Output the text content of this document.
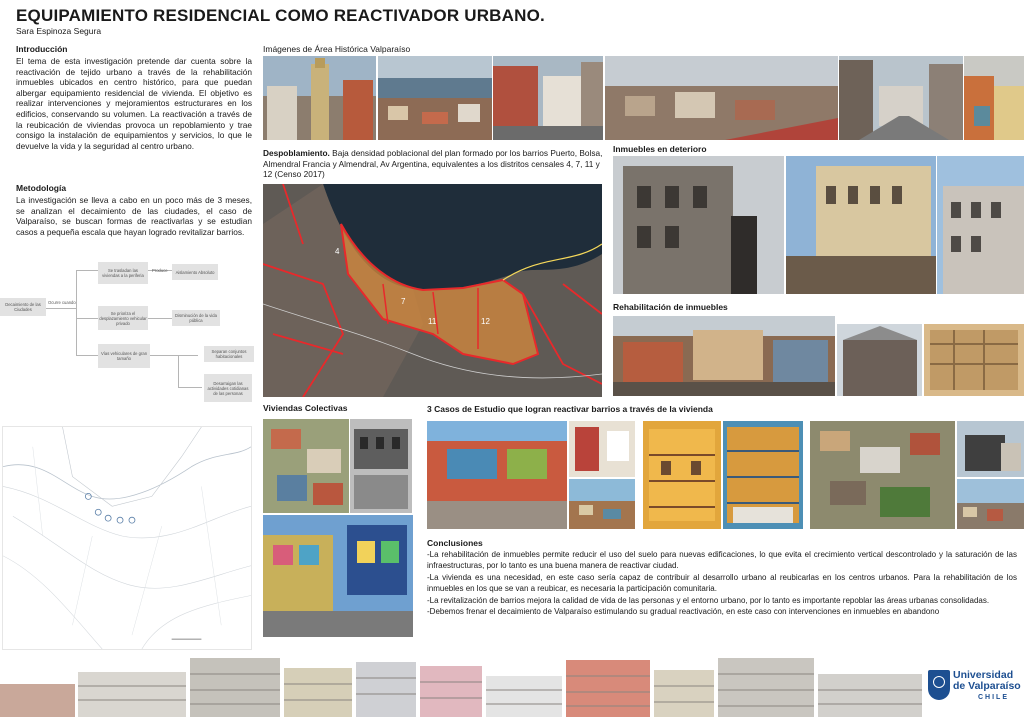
EQUIPAMIENTO RESIDENCIAL COMO REACTIVADOR URBANO.
Sara Espinoza Segura
Introducción
El tema de esta investigación pretende dar cuenta sobre la reactivación de tejido urbano a través de la rehabilitación inmuebles ubicados en centro histórico, para que puedan albergar equipamiento residencial de vivienda. El objetivo es realizar intervenciones y mejoramientos estructurares en los edificios, conservando su volumen. La reactivación a través de la reubicación de viviendas provoca un repoblamiento y trae consigo la instalación de equipamientos y servicios, lo que le devuelve la vida y la seguridad al centro urbano.
Metodología
La investigación se lleva a cabo en un poco más de 3 meses, se analizan el decaimiento de las ciudades, el caso de Valparaíso, se buscan formas de reactivarlas y se estudian casos a pequeña escala que hayan logrado revitalizar barrios.
Decaimiento de las Ciudades
Ocurre cuando
Se trasladan las viviendas a la periferia
Produce	Aislamiento Absoluto
Se prioriza el desplazamiento vehicular privado
Disminución de la vida pública
Vías vehiculares de gran tamaño
Separan conjuntos habitacionales
Desarraigan las actividades cotidianas de las personas
Imágenes de Área Histórica Valparaíso
Despoblamiento. Baja densidad poblacional del plan formado por los barrios Puerto, Bolsa, Almendral Francia y Almendral, Av Argentina, equivalentes a los distritos censales 4, 7, 11 y 12 (Censo 2017)
4
7
11	12
Inmuebles en deterioro
Rehabilitación de inmuebles
Viviendas Colectivas	3 Casos de Estudio que logran reactivar barrios a través de la vivienda
Conclusiones

-La rehabilitación de inmuebles permite reducir el uso del suelo para nuevas edificaciones, lo que evita el crecimiento vertical descontrolado y la saturación de las infraestructuras, por lo tanto es una buena manera de reactivar ciudad.

-La vivienda es una necesidad, en este caso sería capaz de contribuir al desarrollo urbano al reubicarlas en los centros urbanos. Para la rehabilitación de los inmuebles en los que se van a reubicar, es necesaria la participación comunitaria.

-La revitalización de barrios mejora la calidad de vida de las personas y el entorno urbano, por lo tanto es importante repoblar las áreas urbanas consolidadas.

-Debemos frenar el decaimiento de Valparaíso estimulando su gradual reactivación, en este caso con intervenciones en inmuebles en abandono

Universidad
de Valparaíso
CHILE
